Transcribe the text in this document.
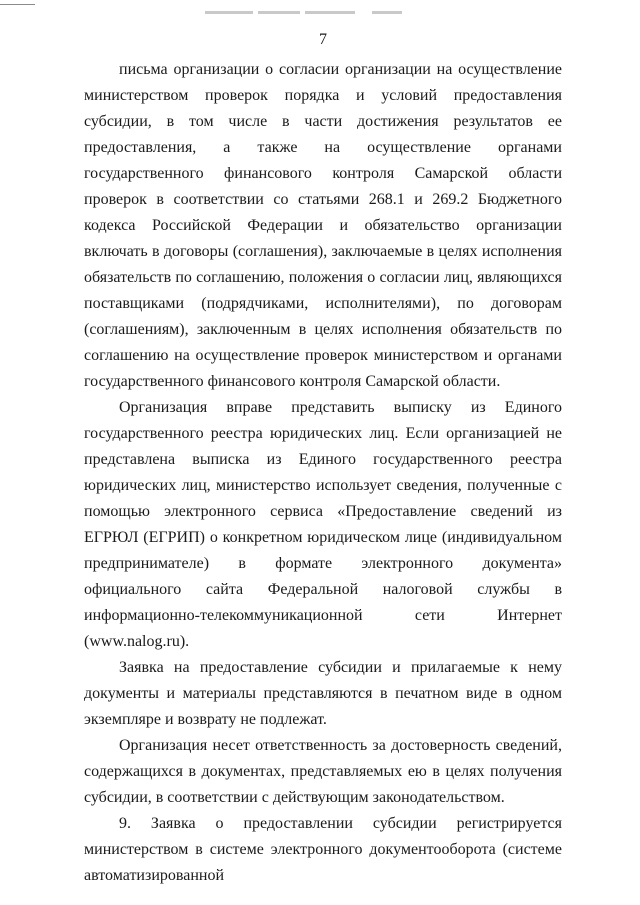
7

письма организации о согласии организации на осуществление министерством проверок порядка и условий предоставления субсидии, в том числе в части достижения результатов ее предоставления, а также на осуществление органами государственного финансового контроля Самарской области проверок в соответствии со статьями 268.1 и 269.2 Бюджетного кодекса Российской Федерации и обязательство организации включать в договоры (соглашения), заключаемые в целях исполнения обязательств по соглашению, положения о согласии лиц, являющихся поставщиками (подрядчиками, исполнителями), по договорам (соглашениям), заключенным в целях исполнения обязательств по соглашению на осуществление проверок министерством и органами государственного финансового контроля Самарской области.

Организация вправе представить выписку из Единого государственного реестра юридических лиц. Если организацией не представлена выписка из Единого государственного реестра юридических лиц, министерство использует сведения, полученные с помощью электронного сервиса «Предоставление сведений из ЕГРЮЛ (ЕГРИП) о конкретном юридическом лице (индивидуальном предпринимателе) в формате электронного документа» официального сайта Федеральной налоговой службы в информационно-телекоммуникационной сети Интернет (www.nalog.ru).

Заявка на предоставление субсидии и прилагаемые к нему документы и материалы представляются в печатном виде в одном экземпляре и возврату не подлежат.

Организация несет ответственность за достоверность сведений, содержащихся в документах, представляемых ею в целях получения субсидии, в соответствии с действующим законодательством.

9. Заявка о предоставлении субсидии регистрируется министерством в системе электронного документооборота (системе автоматизированной
